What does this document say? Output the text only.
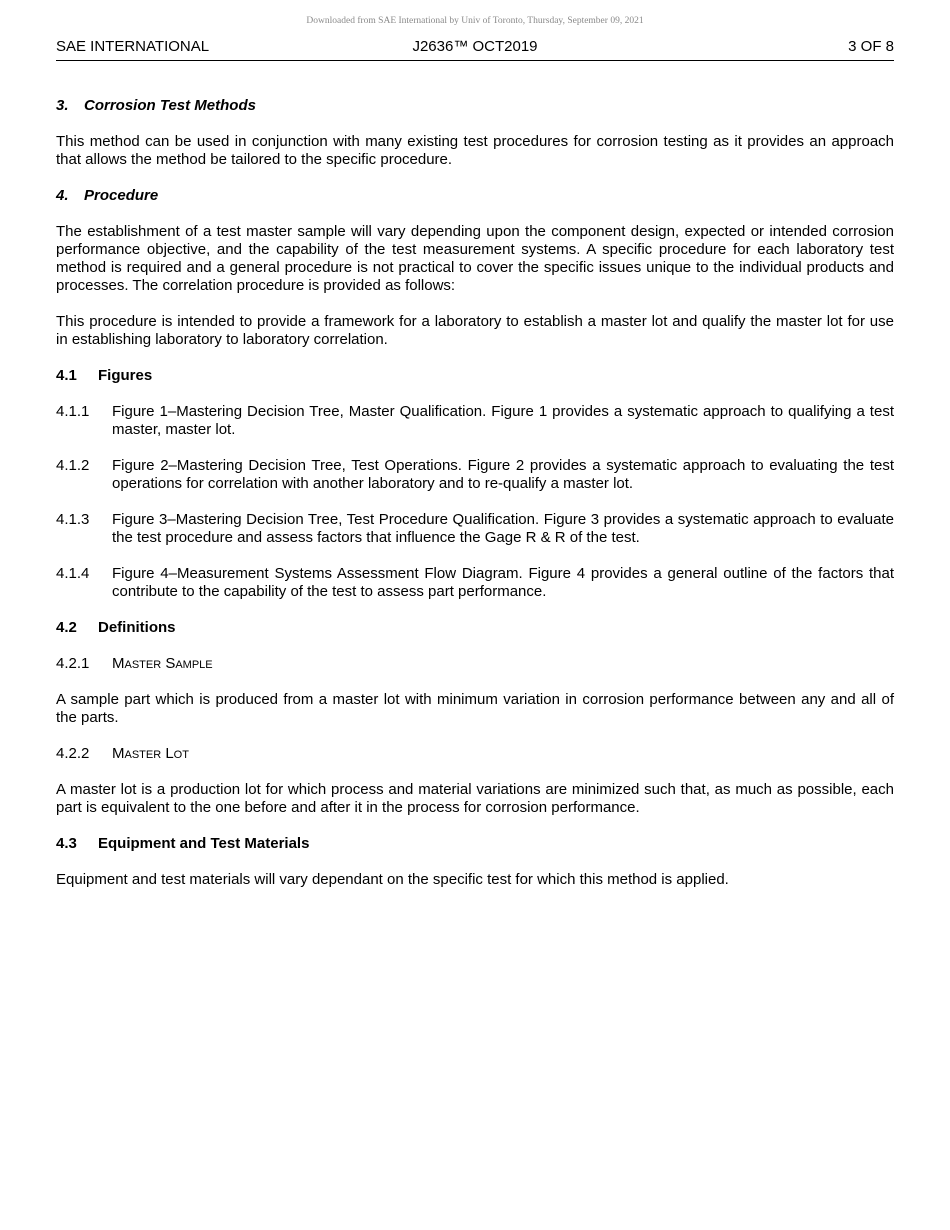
Downloaded from SAE International by Univ of Toronto, Thursday, September 09, 2021
J2636™ OCT2019
SAE INTERNATIONAL	3 OF 8
3. Corrosion Test Methods

This method can be used in conjunction with many existing test procedures for corrosion testing as it provides an approach that allows the method be tailored to the specific procedure.

4. Procedure

The establishment of a test master sample will vary depending upon the component design, expected or intended corrosion performance objective, and the capability of the test measurement systems. A specific procedure for each laboratory test method is required and a general procedure is not practical to cover the specific issues unique to the individual products and processes. The correlation procedure is provided as follows:

This procedure is intended to provide a framework for a laboratory to establish a master lot and qualify the master lot for use in establishing laboratory to laboratory correlation.

4.1 Figures
4.1.1	Figure 1–Mastering Decision Tree, Master Qualification. Figure 1 provides a systematic approach to qualifying a test master, master lot.
4.1.2	Figure 2–Mastering Decision Tree, Test Operations. Figure 2 provides a systematic approach to evaluating the test operations for correlation with another laboratory and to re-qualify a master lot.
4.1.3	Figure 3–Mastering Decision Tree, Test Procedure Qualification. Figure 3 provides a systematic approach to evaluate the test procedure and assess factors that influence the Gage R & R of the test.
4.1.4	Figure 4–Measurement Systems Assessment Flow Diagram. Figure 4 provides a general outline of the factors that contribute to the capability of the test to assess part performance.
4.2 Definitions
4.2.1 Master Sample

A sample part which is produced from a master lot with minimum variation in corrosion performance between any and all of the parts.

4.2.2 Master Lot

A master lot is a production lot for which process and material variations are minimized such that, as much as possible, each part is equivalent to the one before and after it in the process for corrosion performance.

4.3 Equipment and Test Materials

Equipment and test materials will vary dependant on the specific test for which this method is applied.
